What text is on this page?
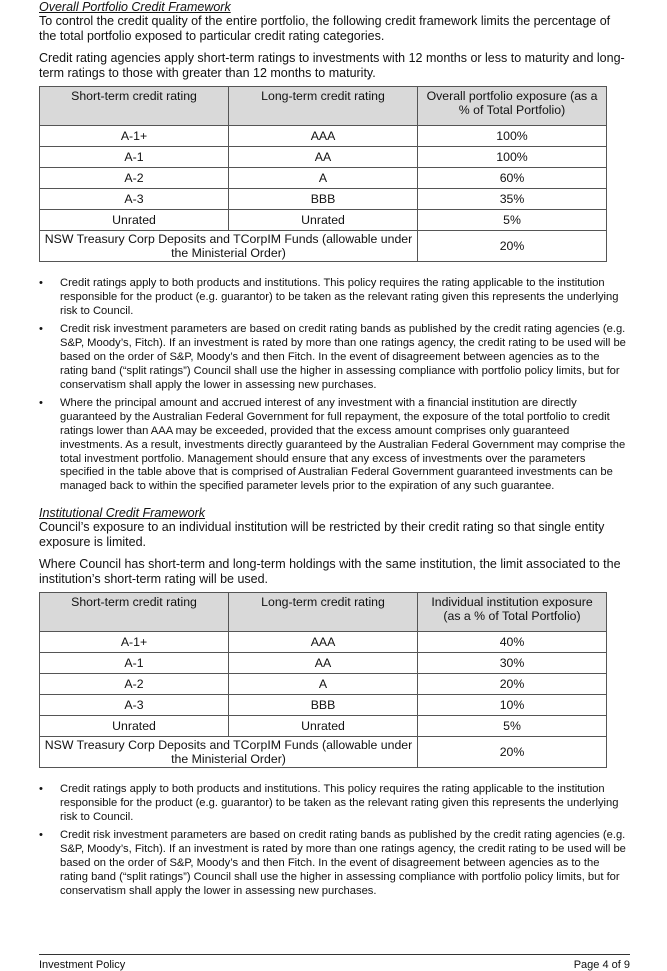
Overall Portfolio Credit Framework

To control the credit quality of the entire portfolio, the following credit framework limits the percentage of the total portfolio exposed to particular credit rating categories.

Credit rating agencies apply short-term ratings to investments with 12 months or less to maturity and long-term ratings to those with greater than 12 months to maturity.

Short-term credit rating	Long-term credit rating	Overall portfolio exposure (as a % of Total Portfolio)
A-1+	AAA	100%
A-1	AA	100%
A-2	A	60%
A-3	BBB	35%
Unrated	Unrated	5%
NSW Treasury Corp Deposits and TCorpIM Funds (allowable under the Ministerial Order)		20%
• Credit ratings apply to both products and institutions. This policy requires the rating applicable to the institution responsible for the product (e.g. guarantor) to be taken as the relevant rating given this represents the underlying risk to Council.
• Credit risk investment parameters are based on credit rating bands as published by the credit rating agencies (e.g. S&P, Moody’s, Fitch). If an investment is rated by more than one ratings agency, the credit rating to be used will be based on the order of S&P, Moody’s and then Fitch. In the event of disagreement between agencies as to the rating band (“split ratings”) Council shall use the higher in assessing compliance with portfolio policy limits, but for conservatism shall apply the lower in assessing new purchases.
• Where the principal amount and accrued interest of any investment with a financial institution are directly guaranteed by the Australian Federal Government for full repayment, the exposure of the total portfolio to credit ratings lower than AAA may be exceeded, provided that the excess amount comprises only guaranteed investments. As a result, investments directly guaranteed by the Australian Federal Government may comprise the total investment portfolio. Management should ensure that any excess of investments over the parameters specified in the table above that is comprised of Australian Federal Government guaranteed investments can be managed back to within the specified parameter levels prior to the expiration of any such guarantee.

Institutional Credit Framework

Council’s exposure to an individual institution will be restricted by their credit rating so that single entity exposure is limited.

Where Council has short-term and long-term holdings with the same institution, the limit associated to the institution’s short-term rating will be used.

Short-term credit rating	Long-term credit rating	Individual institution exposure (as a % of Total Portfolio)
A-1+	AAA	40%
A-1	AA	30%
A-2	A	20%
A-3	BBB	10%
Unrated	Unrated	5%
NSW Treasury Corp Deposits and TCorpIM Funds (allowable under the Ministerial Order)		20%
• Credit ratings apply to both products and institutions. This policy requires the rating applicable to the institution responsible for the product (e.g. guarantor) to be taken as the relevant rating given this represents the underlying risk to Council.
• Credit risk investment parameters are based on credit rating bands as published by the credit rating agencies (e.g. S&P, Moody’s, Fitch). If an investment is rated by more than one ratings agency, the credit rating to be used will be based on the order of S&P, Moody’s and then Fitch. In the event of disagreement between agencies as to the rating band (“split ratings”) Council shall use the higher in assessing compliance with portfolio policy limits, but for conservatism shall apply the lower in assessing new purchases.
Investment Policy	Page 4 of 9
